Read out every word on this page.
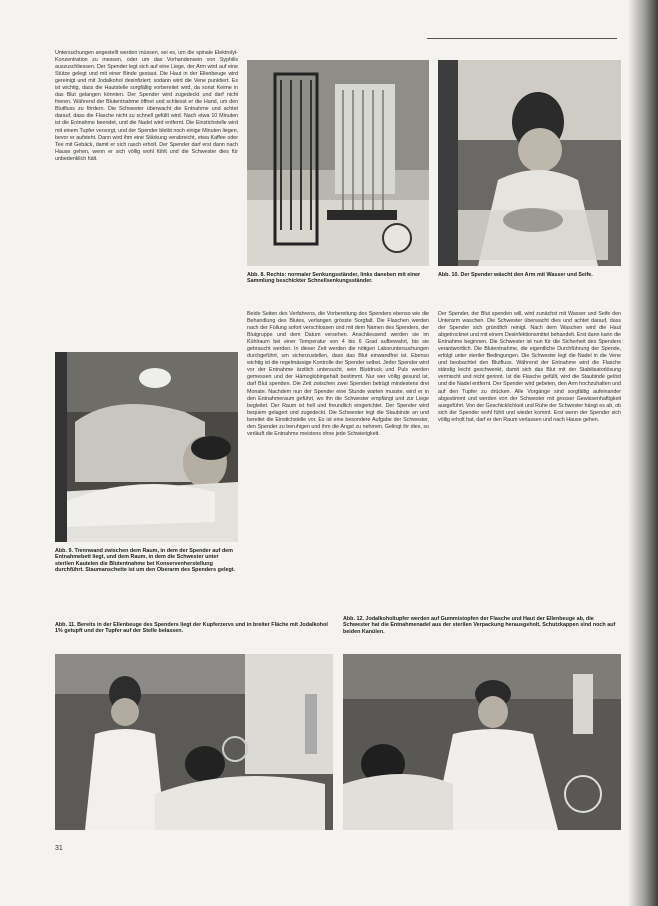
Untersuchungen angestellt werden müssen, sei es, um die spinale Elektrolyt-Konzentration zu messen, oder um das Vorhandensein von Syphilis auszuschliessen. Der Spender legt sich auf eine Liege, der Arm wird auf eine Stütze gelegt und mit einer Binde gestaut. Die Haut in der Ellenbeuge wird gereinigt und mit Jodalkohol desinfiziert; sodann wird die Vene punktiert. Es ist wichtig, dass die Hautstelle sorgfältig vorbereitet wird, da sonst Keime in das Blut gelangen könnten. Der Spender wird zugedeckt und darf nicht frieren. Während der Blutentnahme öffnet und schliesst er die Hand, um den Blutfluss zu fördern. Die Schwester überwacht die Entnahme und achtet darauf, dass die Flasche nicht zu schnell gefüllt wird. Nach etwa 10 Minuten ist die Entnahme beendet, und die Nadel wird entfernt. Die Einstichstelle wird mit einem Tupfer versorgt, und der Spender bleibt noch einige Minuten liegen, bevor er aufsteht. Dann wird ihm eine Stärkung verabreicht, etwa Kaffee oder Tee mit Gebäck, damit er sich rasch erholt. Der Spender darf erst dann nach Hause gehen, wenn er sich völlig wohl fühlt und die Schwester dies für unbedenklich hält.

Abb. 8. Rechts: normaler Senkungsständer, links daneben mit einer Sammlung beschickter Schnellsenkungsständer.
Abb. 10. Der Spender wäscht den Arm mit Wasser und Seife.

Beide Seiten des Verfahrens, die Vorbereitung des Spenders ebenso wie die Behandlung des Blutes, verlangen grösste Sorgfalt. Die Flaschen werden nach der Füllung sofort verschlossen und mit dem Namen des Spenders, der Blutgruppe und dem Datum versehen. Anschliessend werden sie im Kühlraum bei einer Temperatur von 4 bis 6 Grad aufbewahrt, bis sie gebraucht werden. In dieser Zeit werden die nötigen Laboruntersuchungen durchgeführt, um sicherzustellen, dass das Blut einwandfrei ist. Ebenso wichtig ist die regelmässige Kontrolle der Spender selbst. Jeder Spender wird vor der Entnahme ärztlich untersucht, sein Blutdruck und Puls werden gemessen und der Hämoglobingehalt bestimmt. Nur wer völlig gesund ist, darf Blut spenden. Die Zeit zwischen zwei Spenden beträgt mindestens drei Monate. Nachdem nun der Spender eine Stunde warten musste, wird er in den Entnahmeraum geführt, wo ihn die Schwester empfängt und zur Liege begleitet. Der Raum ist hell und freundlich eingerichtet. Der Spender wird bequem gelagert und zugedeckt. Die Schwester legt die Staubinde an und bereitet die Einstichstelle vor. Es ist eine besondere Aufgabe der Schwester, den Spender zu beruhigen und ihm die Angst zu nehmen. Gelingt ihr dies, so verläuft die Entnahme meistens ohne jede Schwierigkeit.

Der Spender, der Blut spenden will, wird zunächst mit Wasser und Seife den Unterarm waschen. Die Schwester überwacht dies und achtet darauf, dass der Spender sich gründlich reinigt. Nach dem Waschen wird die Haut abgetrocknet und mit einem Desinfektionsmittel behandelt. Erst dann kann die Entnahme beginnen. Die Schwester ist nun für die Sicherheit des Spenders verantwortlich. Die Blutentnahme, die eigentliche Durchführung der Spende, erfolgt unter steriler Bedingungen. Die Schwester legt die Nadel in die Vene und beobachtet den Blutfluss. Während der Entnahme wird die Flasche ständig leicht geschwenkt, damit sich das Blut mit der Stabilisatorlösung vermischt und nicht gerinnt. Ist die Flasche gefüllt, wird die Staubinde gelöst und die Nadel entfernt. Der Spender wird gebeten, den Arm hochzuhalten und auf den Tupfer zu drücken. Alle Vorgänge sind sorgfältig aufeinander abgestimmt und werden von der Schwester mit grosser Gewissenhaftigkeit ausgeführt. Von der Geschicklichkeit und Ruhe der Schwester hängt es ab, ob sich der Spender wohl fühlt und wieder kommt. Erst wenn der Spender sich völlig erholt hat, darf er den Raum verlassen und nach Hause gehen.

Abb. 9. Trennwand zwischen dem Raum, in dem der Spender auf dem Entnahmebett liegt, und dem Raum, in dem die Schwester unter sterilen Kautelen die Blutentnahme bei Konservenherstellung durchführt. Staumanschette ist um den Oberarm des Spenders gelegt.
Abb. 11. Bereits in der Ellenbeuge des Spenders liegt der Kupferzervs und in breiter Fläche mit Jodalkohol 1% getupft und der Tupfer auf der Stelle belassen.
Abb. 12. Jodalkoholtupfer werden auf Gummistopfen der Flasche und Haut der Ellenbeuge ab, die Schwester hat die Entnahmenadel aus der sterilen Verpackung herausgeholt, Schutzkappen sind noch auf beiden Kanülen.
31
